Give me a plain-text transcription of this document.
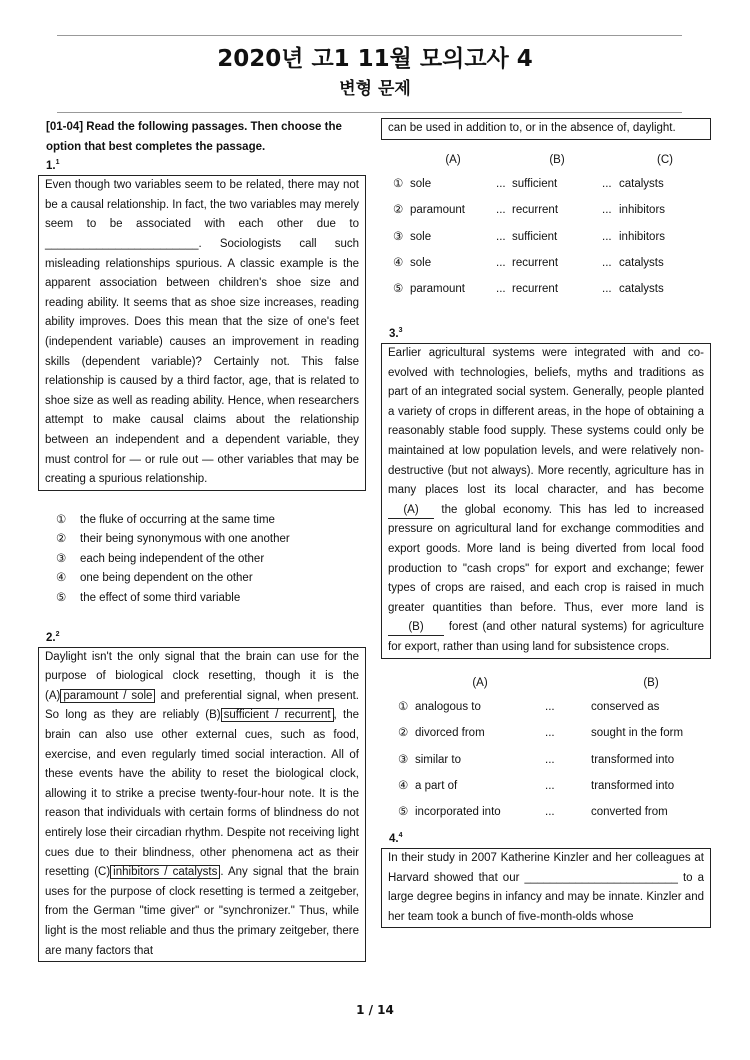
2020년 고1 11월 모의고사 4
변형 문제
[01-04] Read the following passages. Then choose the option that best completes the passage.
1.$^1$
Even though two variables seem to be related, there may not be a causal relationship. In fact, the two variables may merely seem to be associated with each other due to ________________________. Sociologists call such misleading relationships spurious. A classic example is the apparent association between children's shoe size and reading ability. It seems that as shoe size increases, reading ability improves. Does this mean that the size of one's feet (independent variable) causes an improvement in reading skills (dependent variable)? Certainly not. This false relationship is caused by a third factor, age, that is related to shoe size as well as reading ability. Hence, when researchers attempt to make causal claims about the relationship between an independent and a dependent variable, they must control for — or rule out — other variables that may be creating a spurious relationship.
①	the fluke of occurring at the same time
②	their being synonymous with one another
③	each being independent of the other
④	one being dependent on the other
⑤	the effect of some third variable
2.$^2$
Daylight isn't the only signal that the brain can use for the purpose of biological clock resetting, though it is the (A) paramount / sole and preferential signal, when present. So long as they are reliably (B) sufficient / recurrent , the brain can also use other external cues, such as food, exercise, and even regularly timed social interaction. All of these events have the ability to reset the biological clock, allowing it to strike a precise twenty-four-hour note. It is the reason that individuals with certain forms of blindness do not entirely lose their circadian rhythm. Despite not receiving light cues due to their blindness, other phenomena act as their resetting (C) inhibitors / catalysts . Any signal that the brain uses for the purpose of clock resetting is termed a zeitgeber, from the German "time giver" or "synchronizer." Thus, while light is the most reliable and thus the primary zeitgeber, there are many factors that
can be used in addition to, or in the absence of, daylight.
(A)	(B)	(C)
① sole	... sufficient	... catalysts
② paramount	... recurrent	... inhibitors
③ sole	... sufficient	... inhibitors
④ sole	... recurrent	... catalysts
⑤ paramount	... recurrent	... catalysts
3.$^3$
Earlier agricultural systems were integrated with and co-evolved with technologies, beliefs, myths and traditions as part of an integrated social system. Generally, people planted a variety of crops in different areas, in the hope of obtaining a reasonably stable food supply. These systems could only be maintained at low population levels, and were relatively non-destructive (but not always). More recently, agriculture has in many places lost its local character, and has become (A) the global economy. This has led to increased pressure on agricultural land for exchange commodities and export goods. More land is being diverted from local food production to "cash crops" for export and exchange; fewer types of crops are raised, and each crop is raised in much greater quantities than before. Thus, ever more land is (B) forest (and other natural systems) for agriculture for export, rather than using land for subsistence crops.
(A)	(B)
① analogous to	...	conserved as
② divorced from	...	sought in the form
③ similar to	...	transformed into
④ a part of	...	transformed into
⑤ incorporated into	...	converted from
4.$^4$
In their study in 2007 Katherine Kinzler and her colleagues at Harvard showed that our ________________________ to a large degree begins in infancy and may be innate. Kinzler and her team took a bunch of five-month-olds whose
1 / 14
